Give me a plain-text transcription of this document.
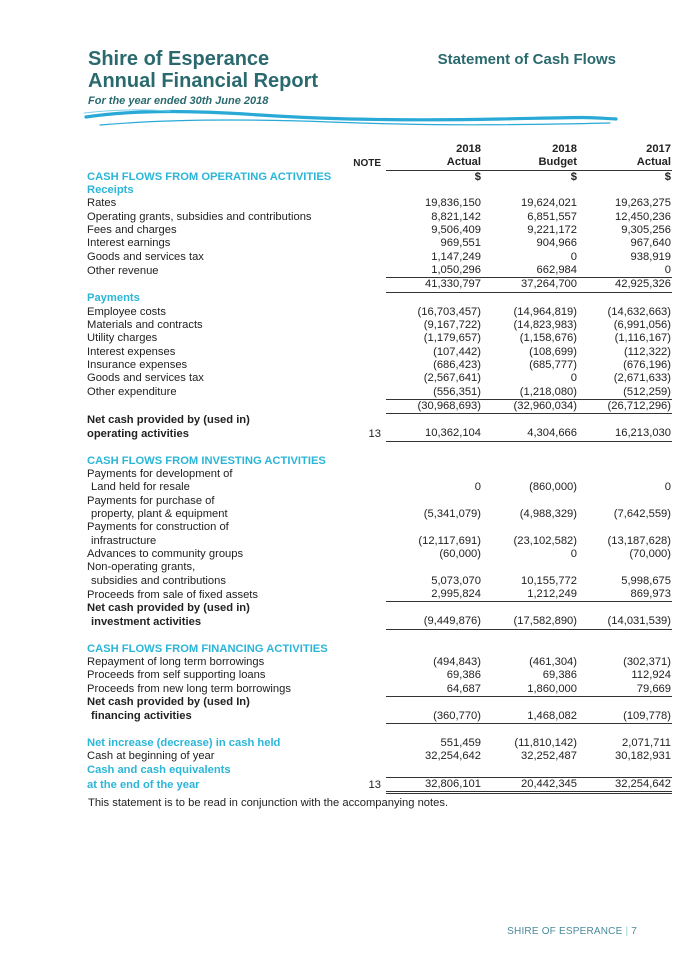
Shire of Esperance
Annual Financial Report
For the year ended 30th June 2018
Statement of Cash Flows
		2018	2018	2017
	NOTE	Actual	Budget	Actual
CASH FLOWS FROM OPERATING ACTIVITIES		$	$	$
Receipts				
Rates		19,836,150	19,624,021	19,263,275
Operating grants, subsidies and contributions		8,821,142	6,851,557	12,450,236
Fees and charges		9,506,409	9,221,172	9,305,256
Interest earnings		969,551	904,966	967,640
Goods and services tax		1,147,249	0	938,919
Other revenue		1,050,296	662,984	0
		41,330,797	37,264,700	42,925,326
Payments				
Employee costs		(16,703,457)	(14,964,819)	(14,632,663)
Materials and contracts		(9,167,722)	(14,823,983)	(6,991,056)
Utility charges		(1,179,657)	(1,158,676)	(1,116,167)
Interest expenses		(107,442)	(108,699)	(112,322)
Insurance expenses		(686,423)	(685,777)	(676,196)
Goods and services tax		(2,567,641)	0	(2,671,633)
Other expenditure		(556,351)	(1,218,080)	(512,259)
		(30,968,693)	(32,960,034)	(26,712,296)
Net cash provided by (used in)				
operating activities	13	10,362,104	4,304,666	16,213,030

CASH FLOWS FROM INVESTING ACTIVITIES				
Payments for development of				
Land held for resale		0	(860,000)	0
Payments for purchase of				
property, plant & equipment		(5,341,079)	(4,988,329)	(7,642,559)
Payments for construction of				
infrastructure		(12,117,691)	(23,102,582)	(13,187,628)
Advances to community groups		(60,000)	0	(70,000)
Non-operating grants,				
subsidies and contributions		5,073,070	10,155,772	5,998,675
Proceeds from sale of fixed assets		2,995,824	1,212,249	869,973
Net cash provided by (used in)				
investment activities		(9,449,876)	(17,582,890)	(14,031,539)

CASH FLOWS FROM FINANCING ACTIVITIES				
Repayment of long term borrowings		(494,843)	(461,304)	(302,371)
Proceeds from self supporting loans		69,386	69,386	112,924
Proceeds from new long term borrowings		64,687	1,860,000	79,669
Net cash provided by (used In)				
financing activities		(360,770)	1,468,082	(109,778)

Net increase (decrease) in cash held		551,459	(11,810,142)	2,071,711
Cash at beginning of year		32,254,642	32,252,487	30,182,931
Cash and cash equivalents				
at the end of the year	13	32,806,101	20,442,345	32,254,642
This statement is to be read in conjunction with the accompanying notes.
SHIRE OF ESPERANCE | 7
